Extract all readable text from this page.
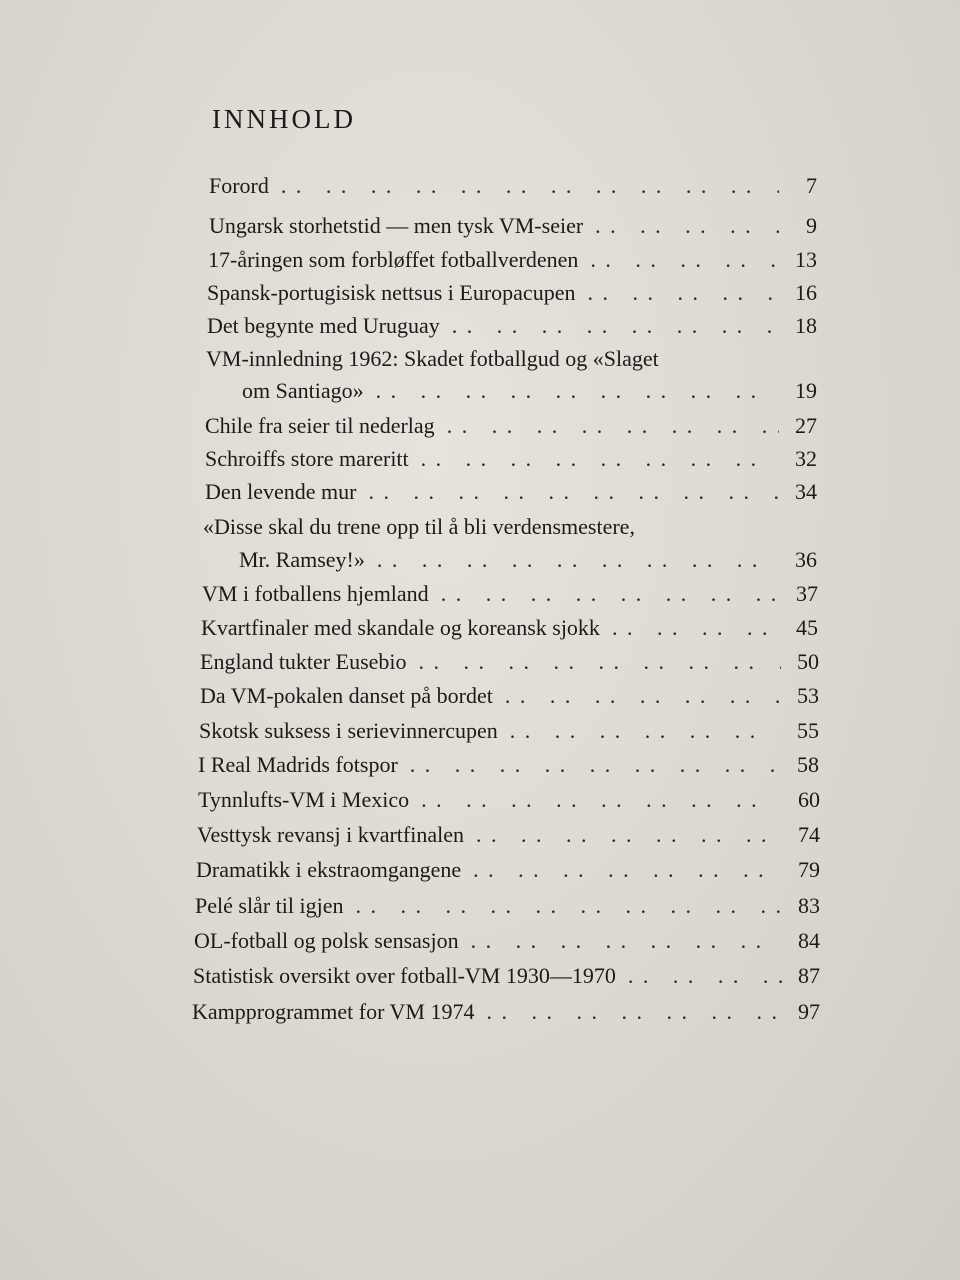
INNHOLD
Forord . .	7
Ungarsk storhetstid — men tysk VM-seier . .	9
17-åringen som forbløffet fotballverdenen . .	13
Spansk-portugisisk nettsus i Europacupen . .	16
Det begynte med Uruguay . .	18
VM-innledning 1962: Skadet fotballgud og «Slaget
om Santiago» . .	19
Chile fra seier til nederlag . .	27
Schroiffs store mareritt . .	32
Den levende mur . .	34
«Disse skal du trene opp til å bli verdensmestere,
Mr. Ramsey!» . .	36
VM i fotballens hjemland . .	37
Kvartfinaler med skandale og koreansk sjokk . .	45
England tukter Eusebio . .	50
Da VM-pokalen danset på bordet . .	53
Skotsk suksess i serievinnercupen . .	55
I Real Madrids fotspor . .	58
Tynnlufts-VM i Mexico . .	60
Vesttysk revansj i kvartfinalen . .	74
Dramatikk i ekstraomgangene . .	79
Pelé slår til igjen . .	83
OL-fotball og polsk sensasjon . .	84
Statistisk oversikt over fotball-VM 1930—1970 . .	87
Kampprogrammet for VM 1974 . .	97
